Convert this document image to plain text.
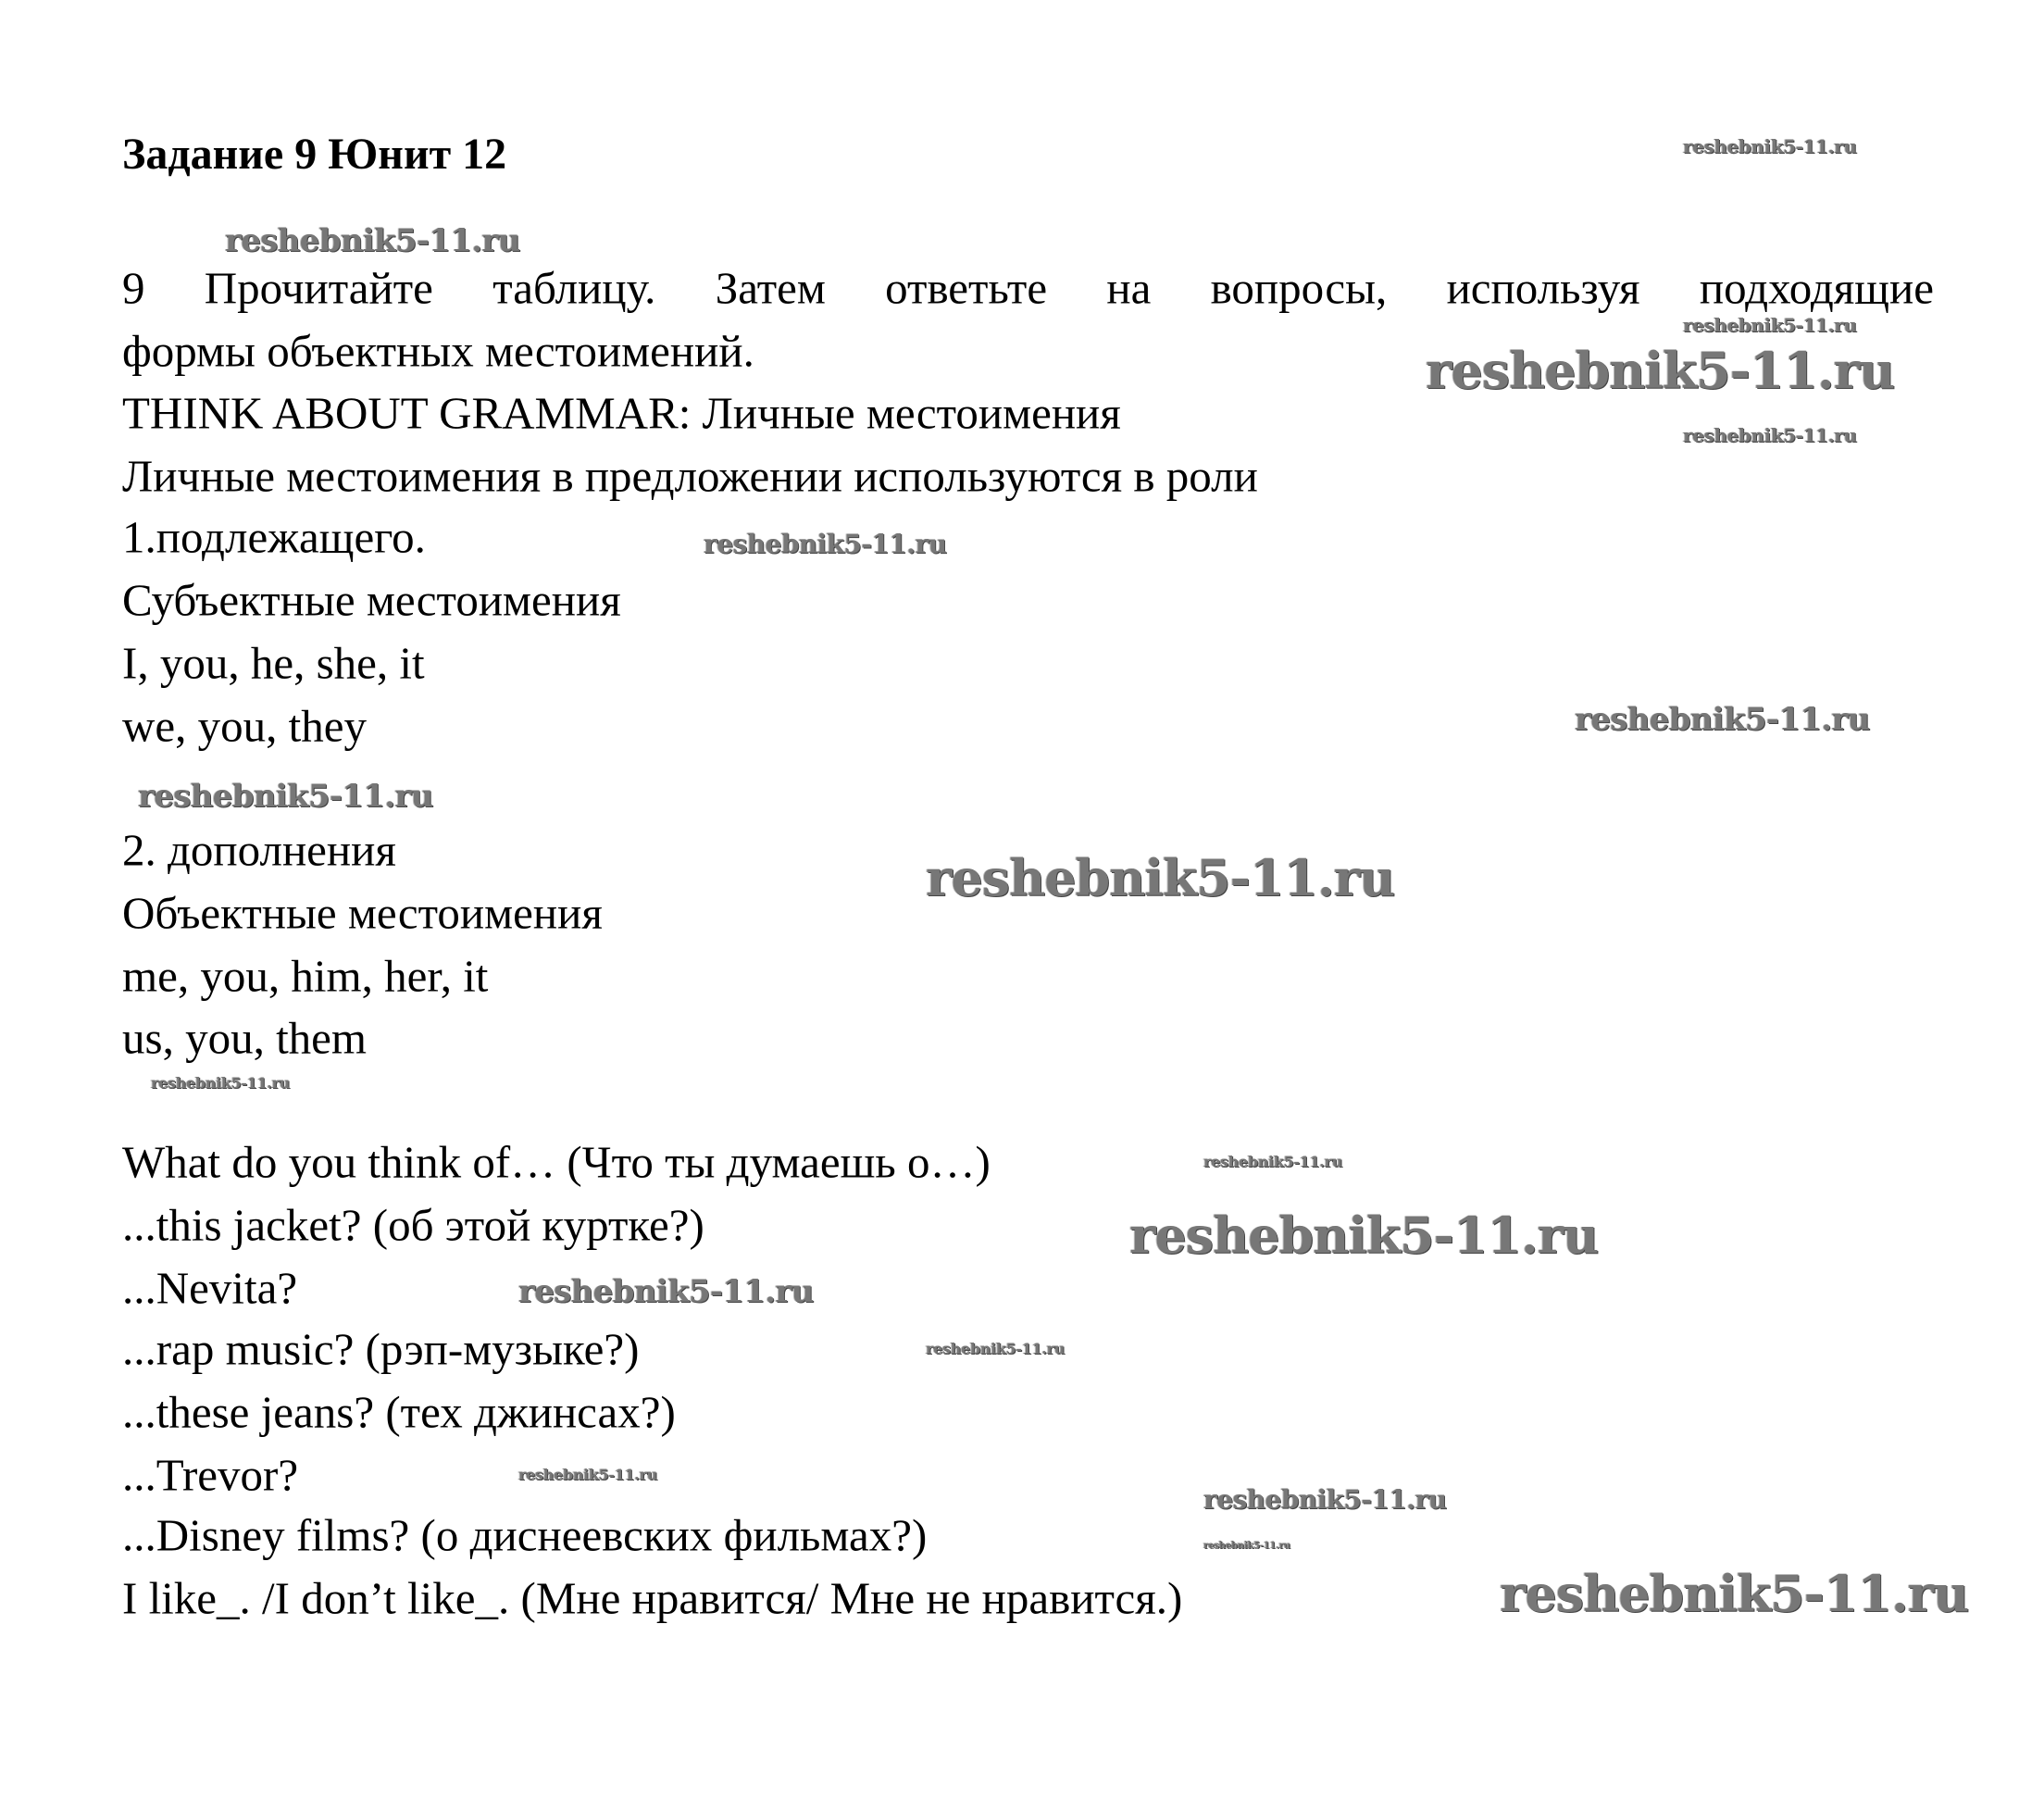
Задание 9 Юнит 12
9 Прочитайте таблицу. Затем ответьте на вопросы, используя подходящие
формы объектных местоимений.
THINK ABOUT GRAMMAR: Личные местоимения
Личные местоимения в предложении используются в роли
1.подлежащего.
Субъектные местоимения
I, you, he, she, it
we, you, they
2. дополнения
Объектные местоимения
me, you, him, her, it
us, you, them
What do you think of… (Что ты думаешь о…)
...this jacket? (об этой куртке?)
...Nevita?
...rap music? (рэп-музыке?)
...these jeans? (тех джинсах?)
...Trevor?
...Disney films? (о диснеевских фильмах?)
I like_. /I don’t like_. (Мне нравится/ Мне не нравится.)
reshebnik5-11.ru
reshebnik5-11.ru
reshebnik5-11.ru
reshebnik5-11.ru
reshebnik5-11.ru
reshebnik5-11.ru
reshebnik5-11.ru
reshebnik5-11.ru
reshebnik5-11.ru
reshebnik5-11.ru
reshebnik5-11.ru
reshebnik5-11.ru
reshebnik5-11.ru
reshebnik5-11.ru
reshebnik5-11.ru
reshebnik5-11.ru
reshebnik5-11.ru
reshebnik5-11.ru
